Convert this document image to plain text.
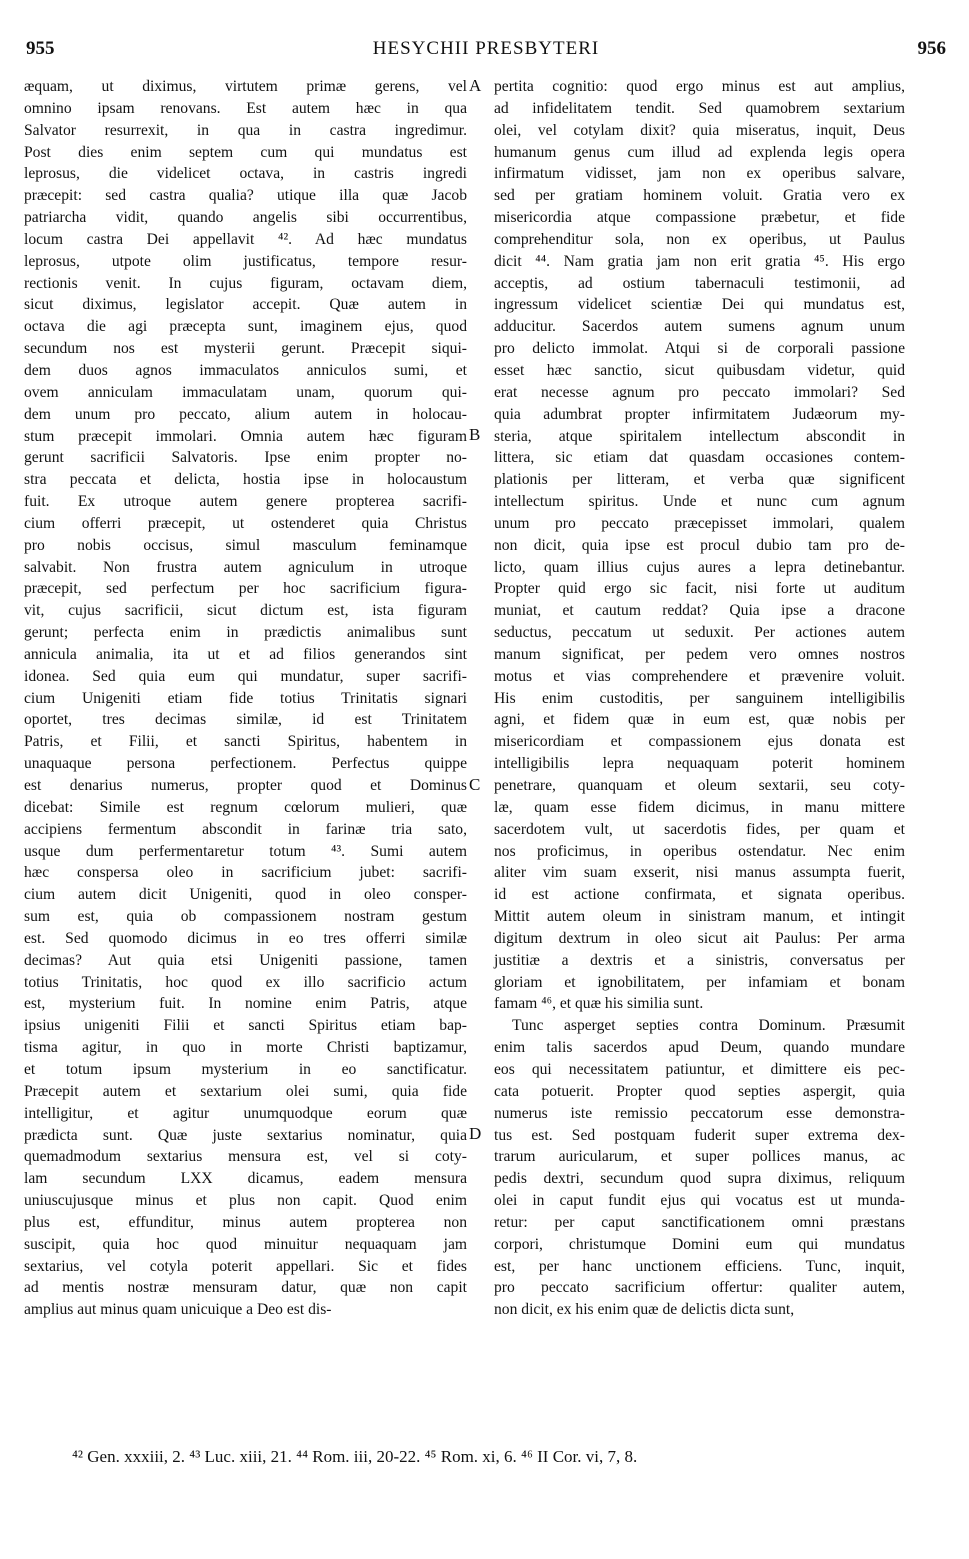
955	HESYCHII PRESBYTERI	956
æquam, ut diximus, virtutem primæ gerens, vel
omnino ipsam renovans. Est autem hæc in qua
Salvator resurrexit, in qua in castra ingredimur.
Post dies enim septem cum qui mundatus est
leprosus, die videlicet octava, in castris ingredi
præcepit: sed castra qualia? utique illa quæ Jacob
patriarcha vidit, quando angelis sibi occurrentibus,
locum castra Dei appellavit ⁴². Ad hæc mundatus
leprosus, utpote olim justificatus, tempore resur-
rectionis venit. In cujus figuram, octavam diem,
sicut diximus, legislator accepit. Quæ autem in
octava die agi præcepta sunt, imaginem ejus, quod
secundum nos est mysterii gerunt. Præcepit siqui-
dem duos agnos immaculatos anniculos sumi, et
ovem anniculam immaculatam unam, quorum qui-
dem unum pro peccato, alium autem in holocau-
stum præcepit immolari. Omnia autem hæc figuram
gerunt sacrificii Salvatoris. Ipse enim propter no-
stra peccata et delicta, hostia ipse in holocaustum
fuit. Ex utroque autem genere propterea sacrifi-
cium offerri præcepit, ut ostenderet quia Christus
pro nobis occisus, simul masculum feminamque
salvabit. Non frustra autem agniculum in utroque
præcepit, sed perfectum per hoc sacrificium figura-
vit, cujus sacrificii, sicut dictum est, ista figuram
gerunt; perfecta enim in prædictis animalibus sunt
annicula animalia, ita ut et ad filios generandos sint
idonea. Sed quia eum qui mundatur, super sacrifi-
cium Unigeniti etiam fide totius Trinitatis signari
oportet, tres decimas similæ, id est Trinitatem
Patris, et Filii, et sancti Spiritus, habentem in
unaquaque persona perfectionem. Perfectus quippe
est denarius numerus, propter quod et Dominus
dicebat: Simile est regnum cœlorum mulieri, quæ
accipiens fermentum abscondit in farinæ tria sato,
usque dum perfermentaretur totum ⁴³. Sumi autem
hæc conspersa oleo in sacrificium jubet: sacrifi-
cium autem dicit Unigeniti, quod in oleo consper-
sum est, quia ob compassionem nostram gestum
est. Sed quomodo dicimus in eo tres offerri similæ
decimas? Aut quia etsi Unigeniti passione, tamen
totius Trinitatis, hoc quod ex illo sacrificio actum
est, mysterium fuit. In nomine enim Patris, atque
ipsius unigeniti Filii et sancti Spiritus etiam bap-
tisma agitur, in quo in morte Christi baptizamur,
et totum ipsum mysterium in eo sanctificatur.
Præcepit autem et sextarium olei sumi, quia fide
intelligitur, et agitur unumquodque eorum quæ
prædicta sunt. Quæ juste sextarius nominatur, quia
quemadmodum sextarius mensura est, vel si coty-
lam secundum LXX dicamus, eadem mensura
uniuscujusque minus et plus non capit. Quod enim
plus est, effunditur, minus autem propterea non
suscipit, quia hoc quod minuitur nequaquam jam
sextarius, vel cotyla poterit appellari. Sic et fides
ad mentis nostræ mensuram datur, quæ non capit
amplius aut minus quam unicuique a Deo est dis-
pertita cognitio: quod ergo minus est aut amplius,
ad infidelitatem tendit. Sed quamobrem sextarium
olei, vel cotylam dixit? quia miseratus, inquit, Deus
humanum genus cum illud ad explenda legis opera
infirmatum vidisset, jam non ex operibus salvare,
sed per gratiam hominem voluit. Gratia vero ex
misericordia atque compassione præbetur, et fide
comprehenditur sola, non ex operibus, ut Paulus
dicit ⁴⁴. Nam gratia jam non erit gratia ⁴⁵. His ergo
acceptis, ad ostium tabernaculi testimonii, ad
ingressum videlicet scientiæ Dei qui mundatus est,
adducitur. Sacerdos autem sumens agnum unum
pro delicto immolat. Atqui si de corporali passione
esset hæc sanctio, sicut quibusdam videtur, quid
erat necesse agnum pro peccato immolari? Sed
quia adumbrat propter infirmitatem Judæorum my-
steria, atque spiritalem intellectum abscondit in
littera, sic etiam dat quasdam occasiones contem-
plationis per litteram, et verba quæ significent
intellectum spiritus. Unde et nunc cum agnum
unum pro peccato præcepisset immolari, qualem
non dicit, quia ipse est procul dubio tam pro de-
licto, quam illius cujus aures a lepra detinebantur.
Propter quid ergo sic facit, nisi forte ut auditum
muniat, et cautum reddat? Quia ipse a dracone
seductus, peccatum ut seduxit. Per actiones autem
manum significat, per pedem vero omnes nostros
motus et vias comprehendere et prævenire voluit.
His enim custoditis, per sanguinem intelligibilis
agni, et fidem quæ in eum est, quæ nobis per
misericordiam et compassionem ejus donata est
intelligibilis lepra nequaquam poterit hominem
penetrare, quanquam et oleum sextarii, seu coty-
læ, quam esse fidem dicimus, in manu mittere
sacerdotem vult, ut sacerdotis fides, per quam et
nos proficimus, in operibus ostendatur. Nec enim
aliter vim suam exserit, nisi manus assumpta fuerit,
id est actione confirmata, et signata operibus.
Mittit autem oleum in sinistram manum, et intingit
digitum dextrum in oleo sicut ait Paulus: Per arma
justitiæ a dextris et a sinistris, conversatus per
gloriam et ignobilitatem, per infamiam et bonam
famam ⁴⁶, et quæ his similia sunt.
Tunc asperget septies contra Dominum. Præsumit
enim talis sacerdos apud Deum, quando mundare
eos qui necessitatem patiuntur, et dimittere eis pec-
cata potuerit. Propter quod septies aspergit, quia
numerus iste remissio peccatorum esse demonstra-
tus est. Sed postquam fuderit super extrema dex-
trarum auricularum, et super pollices manus, ac
pedis dextri, secundum quod supra diximus, reliquum
olei in caput fundit ejus qui vocatus est ut munda-
retur: per caput sanctificationem omni præstans
corpori, christumque Domini eum qui mundatus
est, per hanc unctionem efficiens. Tunc, inquit,
pro peccato sacrificium offertur: qualiter autem,
non dicit, ex his enim quæ de delictis dicta sunt,
A
B
C
D
⁴² Gen. xxxiii, 2. ⁴³ Luc. xiii, 21. ⁴⁴ Rom. iii, 20-22. ⁴⁵ Rom. xi, 6. ⁴⁶ II Cor. vi, 7, 8.
